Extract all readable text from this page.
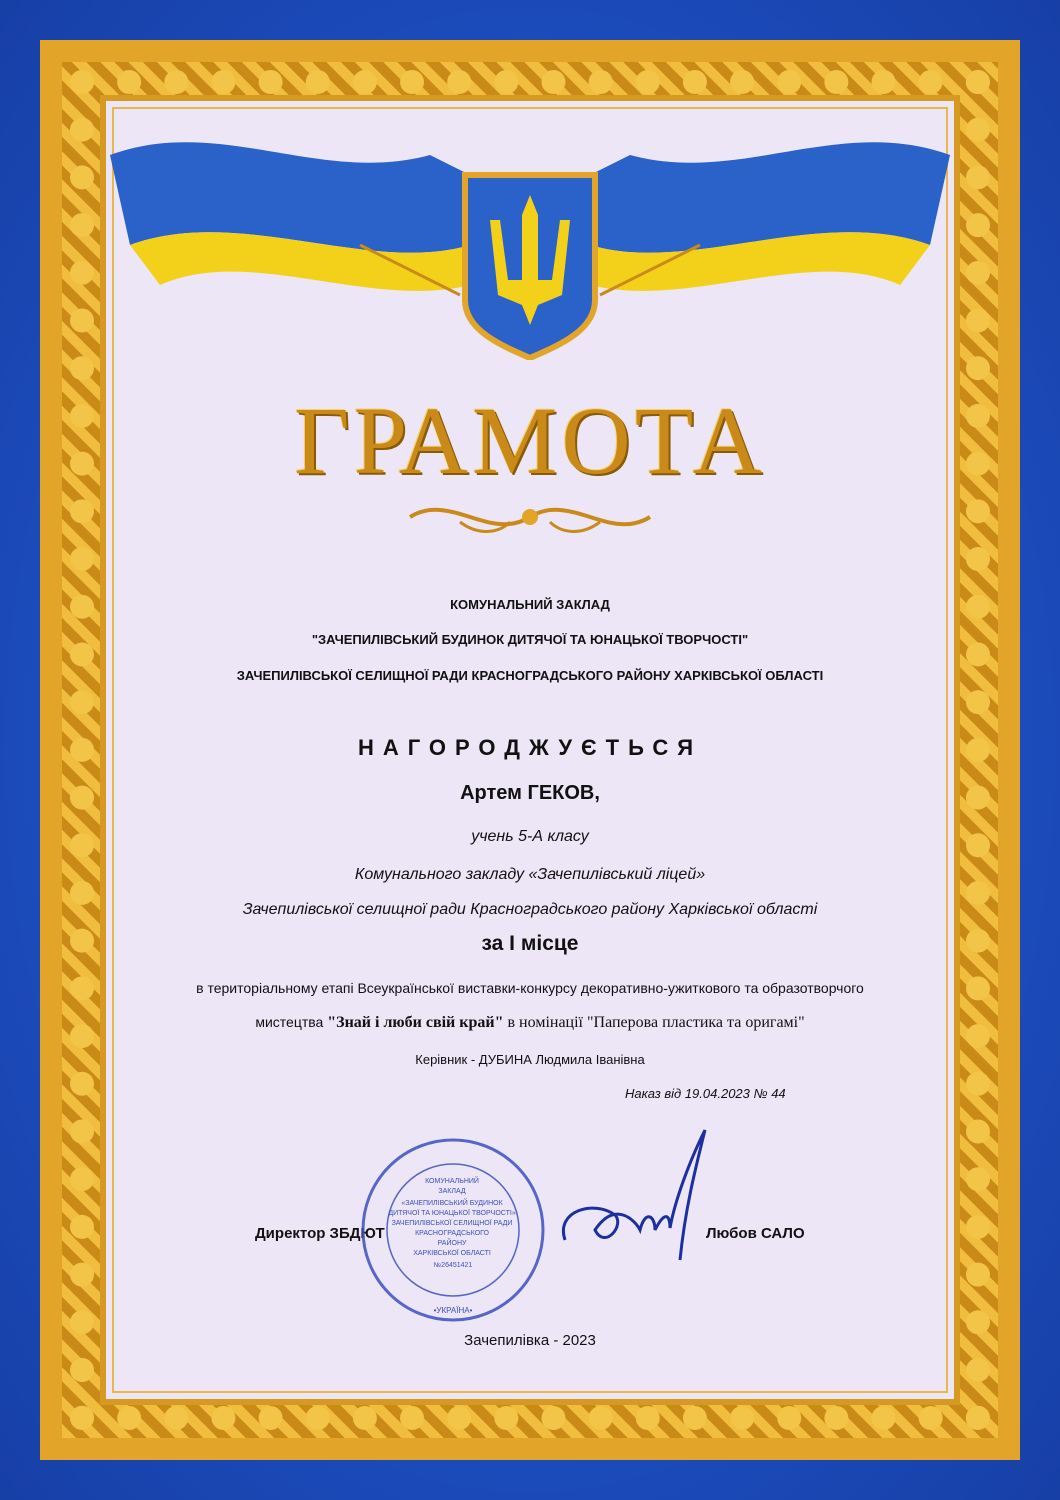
ГРАМОТА
КОМУНАЛЬНИЙ ЗАКЛАД
"ЗАЧЕПИЛІВСЬКИЙ БУДИНОК ДИТЯЧОЇ ТА ЮНАЦЬКОЇ ТВОРЧОСТІ"
ЗАЧЕПИЛІВСЬКОЇ СЕЛИЩНОЇ РАДИ КРАСНОГРАДСЬКОГО РАЙОНУ ХАРКІВСЬКОЇ ОБЛАСТІ
НАГОРОДЖУЄТЬСЯ
Артем ГЕКОВ,
учень 5-А класу
Комунального закладу «Зачепилівський ліцей»
Зачепилівської селищної ради Красноградського району Харківської області
за І місце
в територіальному етапі Всеукраїнської виставки-конкурсу декоративно-ужиткового та образотворчого
мистецтва "Знай і люби свій край" в номінації "Паперова пластика та оригамі"
Керівник - ДУБИНА Людмила Іванівна
Наказ від 19.04.2023 № 44
Директор ЗБДЮТ
КОМУНАЛЬНИЙ ЗАКЛАД «ЗАЧЕПИЛІВСЬКИЙ БУДИНОК ДИТЯЧОЇ ТА ЮНАЦЬКОЇ ТВОРЧОСТІ» ЗАЧЕПИЛІВСЬКОЇ СЕЛИЩНОЇ РАДИ КРАСНОГРАДСЬКОГО РАЙОНУ ХАРКІВСЬКОЇ ОБЛАСТІ №26451421
•УКРАЇНА•
Любов САЛО
Зачепилівка - 2023
